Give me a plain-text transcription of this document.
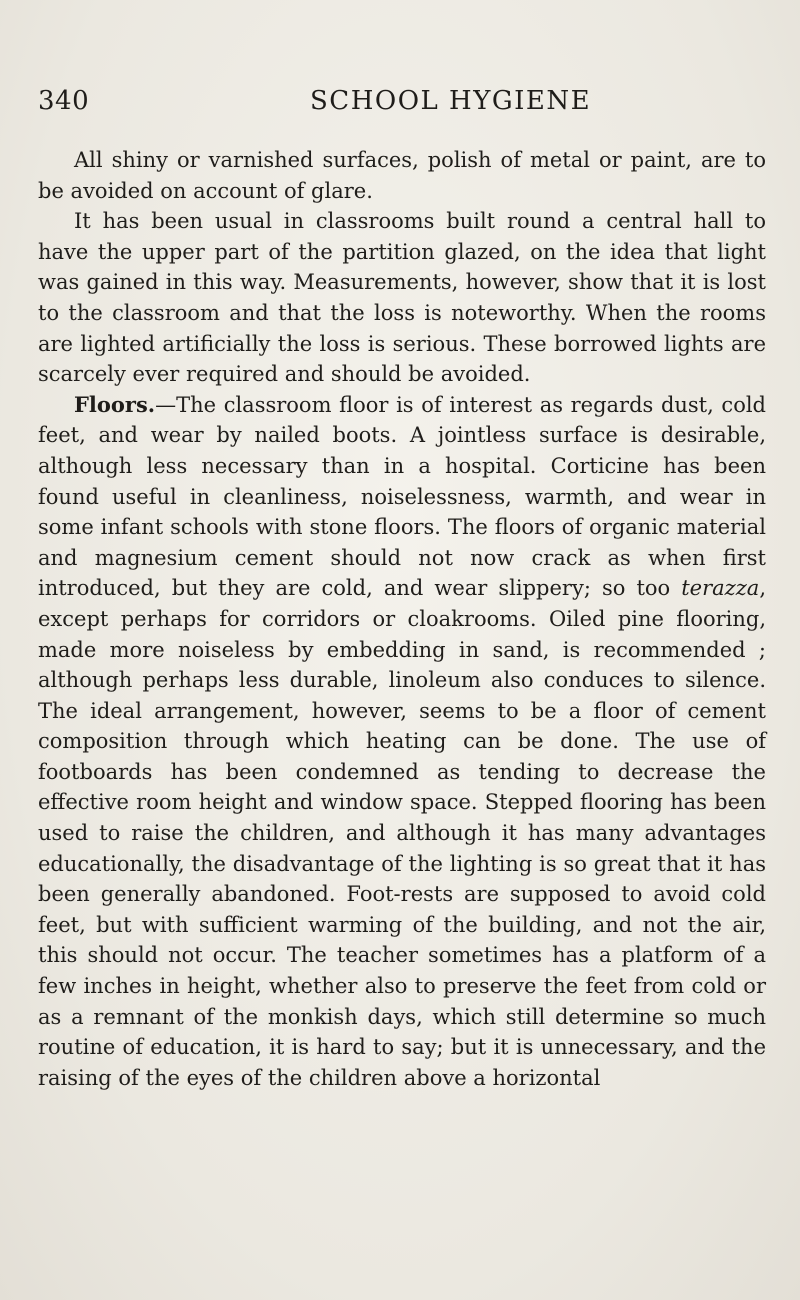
340	SCHOOL HYGIENE

All shiny or varnished surfaces, polish of metal or paint, are to be avoided on account of glare.

It has been usual in classrooms built round a central hall to have the upper part of the partition glazed, on the idea that light was gained in this way. Measurements, however, show that it is lost to the classroom and that the loss is noteworthy. When the rooms are lighted artificially the loss is serious. These borrowed lights are scarcely ever required and should be avoided.

Floors.—The classroom floor is of interest as regards dust, cold feet, and wear by nailed boots. A jointless surface is desirable, although less necessary than in a hospital. Corticine has been found useful in cleanliness, noiselessness, warmth, and wear in some infant schools with stone floors. The floors of organic material and magnesium cement should not now crack as when first introduced, but they are cold, and wear slippery; so too terazza, except perhaps for corridors or cloakrooms. Oiled pine flooring, made more noiseless by embedding in sand, is recommended ; although perhaps less durable, linoleum also conduces to silence. The ideal arrangement, however, seems to be a floor of cement composition through which heating can be done. The use of footboards has been condemned as tending to decrease the effective room height and window space. Stepped flooring has been used to raise the children, and although it has many advantages educationally, the disadvantage of the lighting is so great that it has been generally abandoned. Foot-rests are supposed to avoid cold feet, but with sufficient warming of the building, and not the air, this should not occur. The teacher sometimes has a platform of a few inches in height, whether also to preserve the feet from cold or as a remnant of the monkish days, which still determine so much routine of education, it is hard to say; but it is unnecessary, and the raising of the eyes of the children above a horizontal
